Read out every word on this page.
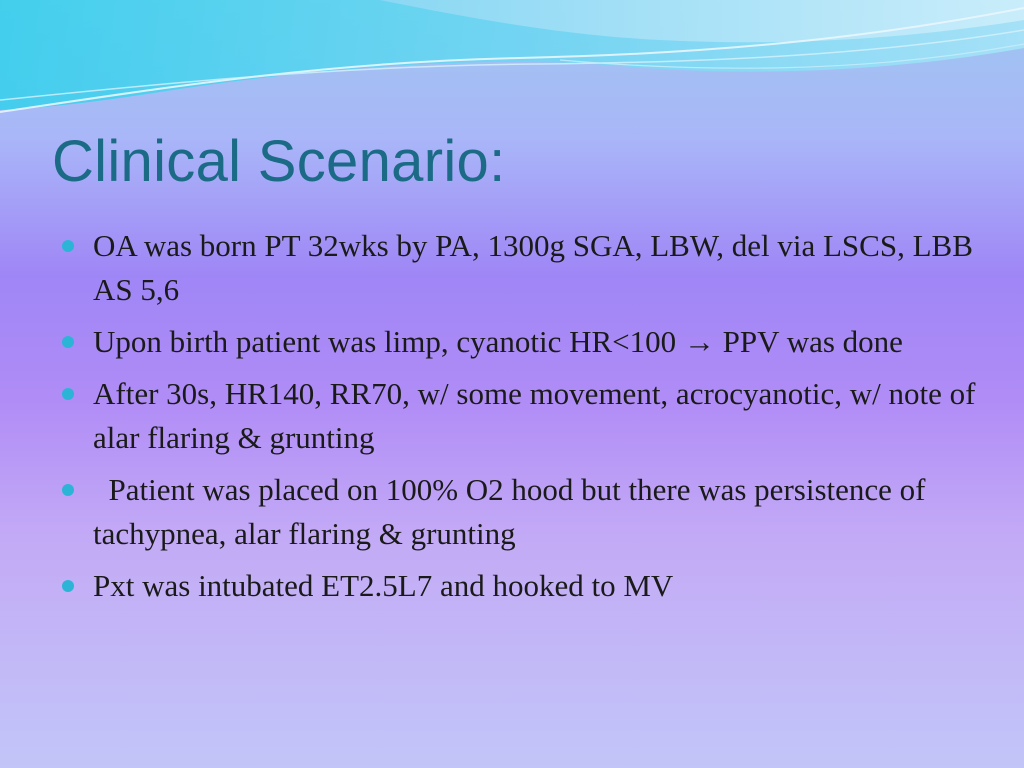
Clinical Scenario:
OA was born PT 32wks by PA, 1300g SGA, LBW, del via LSCS, LBB AS 5,6
Upon birth patient was limp, cyanotic HR<100 → PPV was done
After 30s, HR140, RR70, w/ some movement, acrocyanotic, w/ note of alar flaring & grunting
Patient was placed on 100% O2 hood but there was persistence of tachypnea, alar flaring & grunting
Pxt was intubated ET2.5L7 and hooked to MV
